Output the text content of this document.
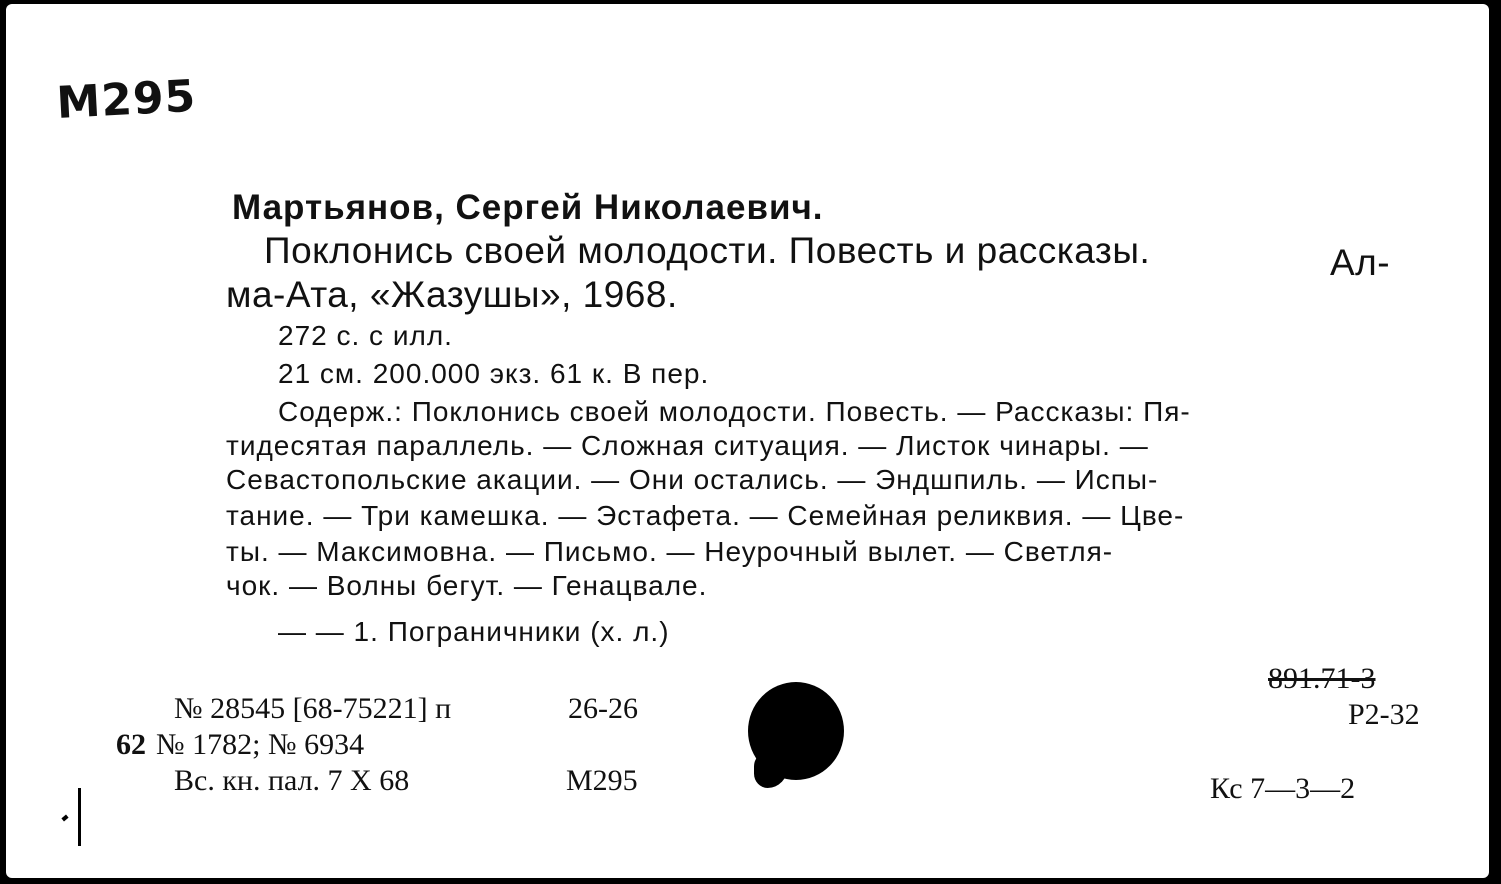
М295
Мартьянов, Сергей Николаевич.
Поклонись своей молодости. Повесть и рассказы.	Ал-
ма-Ата, «Жазушы», 1968.
272 с. с илл.
21 см. 200.000 экз. 61 к. В пер.
Содерж.: Поклонись своей молодости. Повесть. — Рассказы: Пя-
тидесятая параллель. — Сложная ситуация. — Листок чинары. —
Севастопольские акации. — Они остались. — Эндшпиль. — Испы-
тание. — Три камешка. — Эстафета. — Семейная реликвия. — Цве-
ты. — Максимовна. — Письмо. — Неурочный вылет. — Светля-
чок. — Волны бегут. — Генацвале.
— — 1. Пограничники (х. л.)
№ 28545 [68-75221] п	26-26
62 № 1782; № 6934
Вс. кн. пал. 7 X 68	М295
891.71-3
Р2-32
Кс 7—3—2
